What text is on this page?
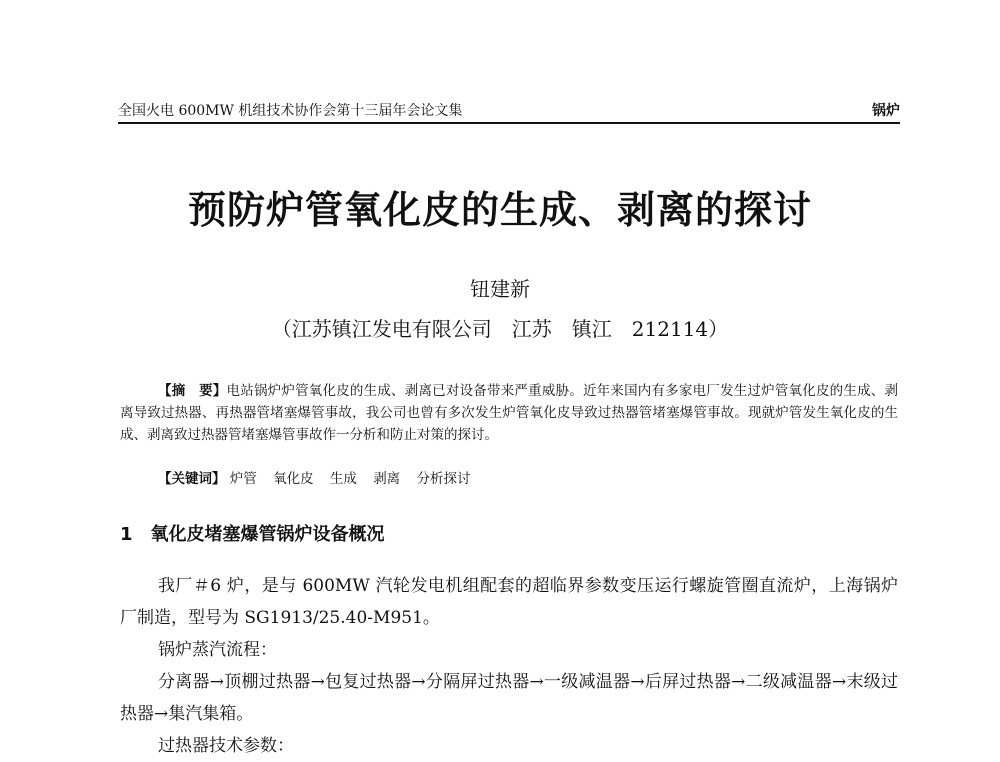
全国火电 600MW 机组技术协作会第十三届年会论文集	锅炉
预防炉管氧化皮的生成、剥离的探讨
钮建新
（江苏镇江发电有限公司　江苏　镇江　212114）

【摘　要】电站锅炉炉管氧化皮的生成、剥离已对设备带来严重威胁。近年来国内有多家电厂发生过炉管氧化皮的生成、剥离导致过热器、再热器管堵塞爆管事故，我公司也曾有多次发生炉管氧化皮导致过热器管堵塞爆管事故。现就炉管发生氧化皮的生成、剥离致过热器管堵塞爆管事故作一分析和防止对策的探讨。

【关键词】 炉管 氧化皮 生成 剥离 分析探讨
1 氧化皮堵塞爆管锅炉设备概况

我厂＃6 炉，是与 600MW 汽轮发电机组配套的超临界参数变压运行螺旋管圈直流炉，上海锅炉厂制造，型号为 SG1913/25.40-M951。

锅炉蒸汽流程：

分离器→顶棚过热器→包复过热器→分隔屏过热器→一级减温器→后屏过热器→二级减温器→末级过热器→集汽集箱。

过热器技术参数：
